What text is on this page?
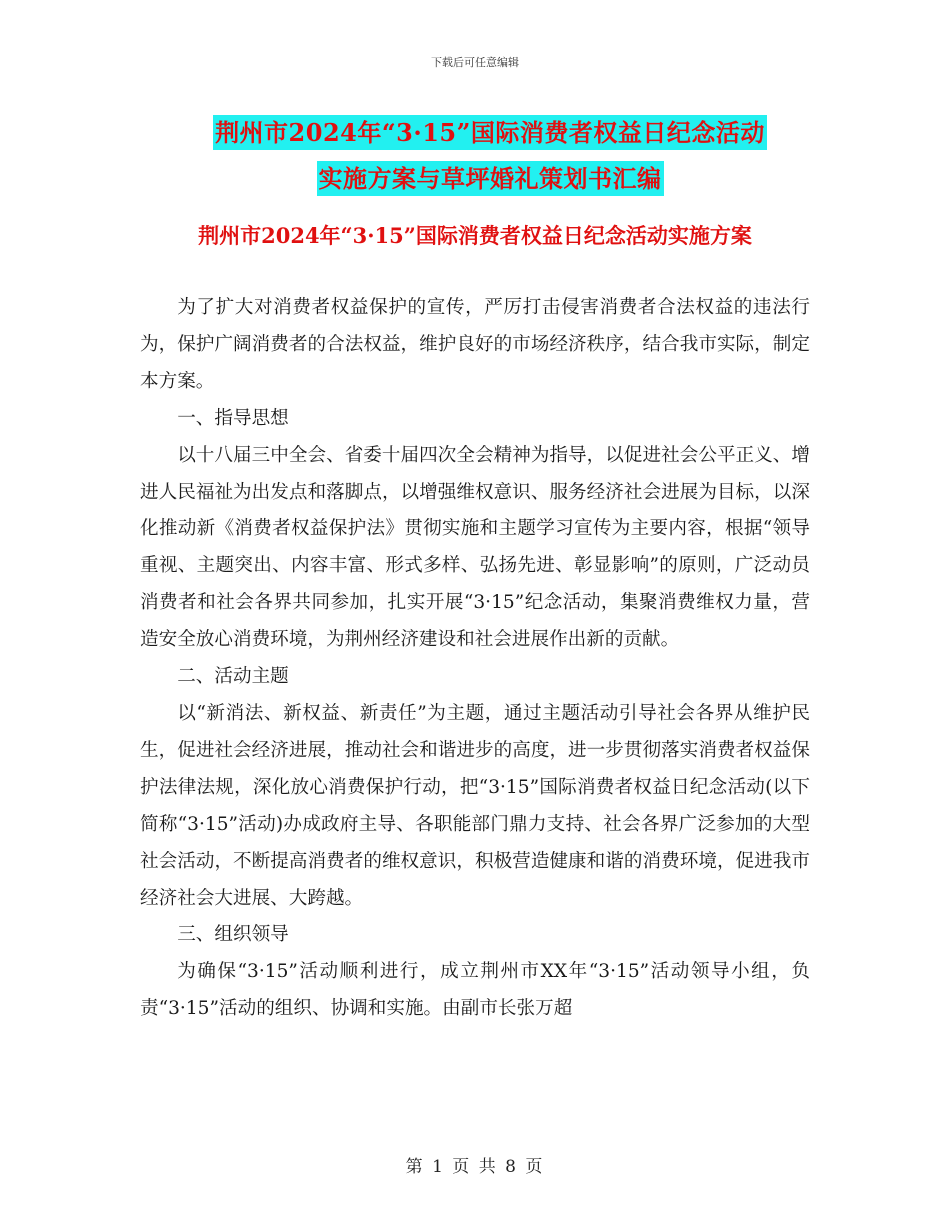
下载后可任意编辑
荆州市2024年“3·15”国际消费者权益日纪念活动
实施方案与草坪婚礼策划书汇编
荆州市2024年“3·15”国际消费者权益日纪念活动实施方案

为了扩大对消费者权益保护的宣传，严厉打击侵害消费者合法权益的违法行为，保护广阔消费者的合法权益，维护良好的市场经济秩序，结合我市实际，制定本方案。

一、指导思想

以十八届三中全会、省委十届四次全会精神为指导，以促进社会公平正义、增进人民福祉为出发点和落脚点，以增强维权意识、服务经济社会进展为目标，以深化推动新《消费者权益保护法》贯彻实施和主题学习宣传为主要内容，根据“领导重视、主题突出、内容丰富、形式多样、弘扬先进、彰显影响”的原则，广泛动员消费者和社会各界共同参加，扎实开展“3·15”纪念活动，集聚消费维权力量，营造安全放心消费环境，为荆州经济建设和社会进展作出新的贡献。

二、活动主题

以“新消法、新权益、新责任”为主题，通过主题活动引导社会各界从维护民生，促进社会经济进展，推动社会和谐进步的高度，进一步贯彻落实消费者权益保护法律法规，深化放心消费保护行动，把“3·15”国际消费者权益日纪念活动(以下简称“3·15”活动)办成政府主导、各职能部门鼎力支持、社会各界广泛参加的大型社会活动，不断提高消费者的维权意识，积极营造健康和谐的消费环境，促进我市经济社会大进展、大跨越。

三、组织领导

为确保“3·15”活动顺利进行，成立荆州市XX年“3·15”活动领导小组，负责“3·15”活动的组织、协调和实施。由副市长张万超

第 1 页 共 8 页
